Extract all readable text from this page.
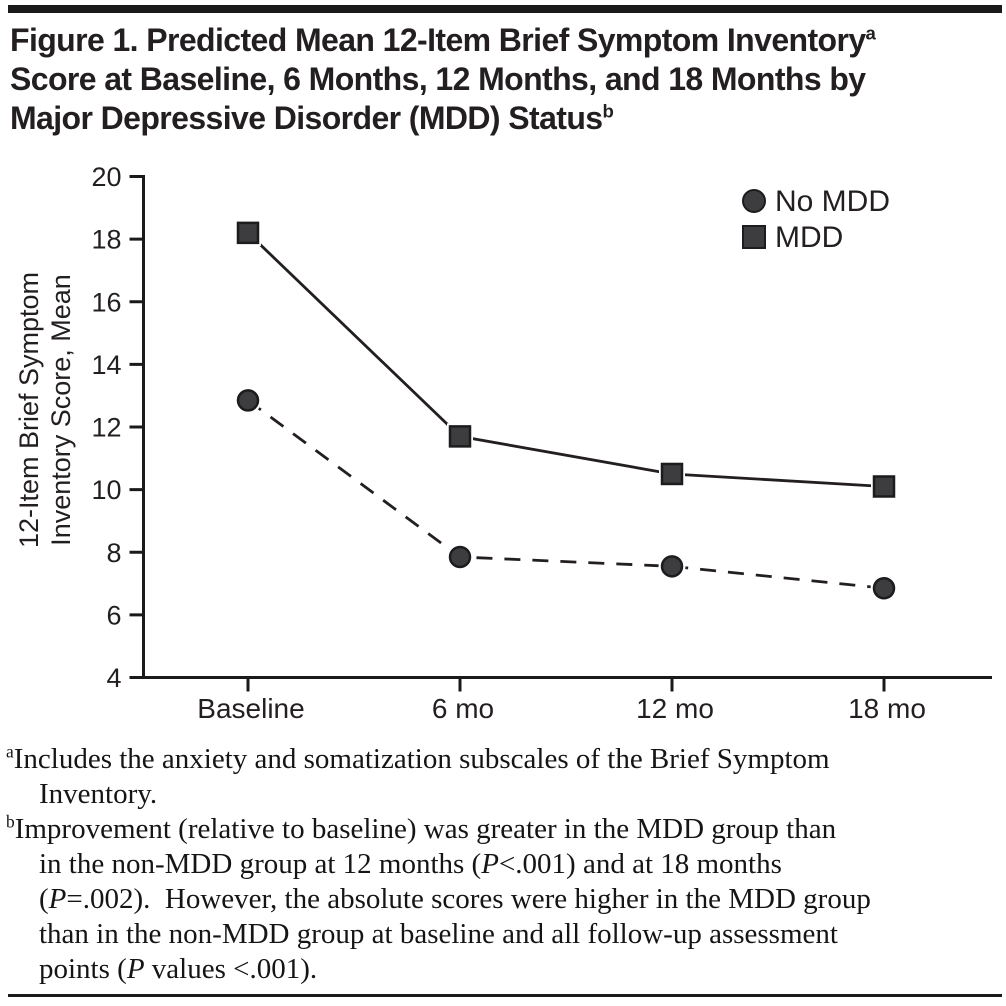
Figure 1. Predicted Mean 12-Item Brief Symptom Inventory$^a$
Score at Baseline, 6 Months, 12 Months, and 18 Months by
Major Depressive Disorder (MDD) Status$^b$
20
18
16
14
12
10
8
6
4
Baseline	6 mo	12 mo	18 mo
12-Item Brief Symptom Inventory Score, Mean
No MDD
MDD
$^a$Includes the anxiety and somatization subscales of the Brief Symptom
Inventory.
$^b$Improvement (relative to baseline) was greater in the MDD group than
in the non-MDD group at 12 months (P<.001) and at 18 months
(P=.002).  However, the absolute scores were higher in the MDD group
than in the non-MDD group at baseline and all follow-up assessment
points (P values <.001).
